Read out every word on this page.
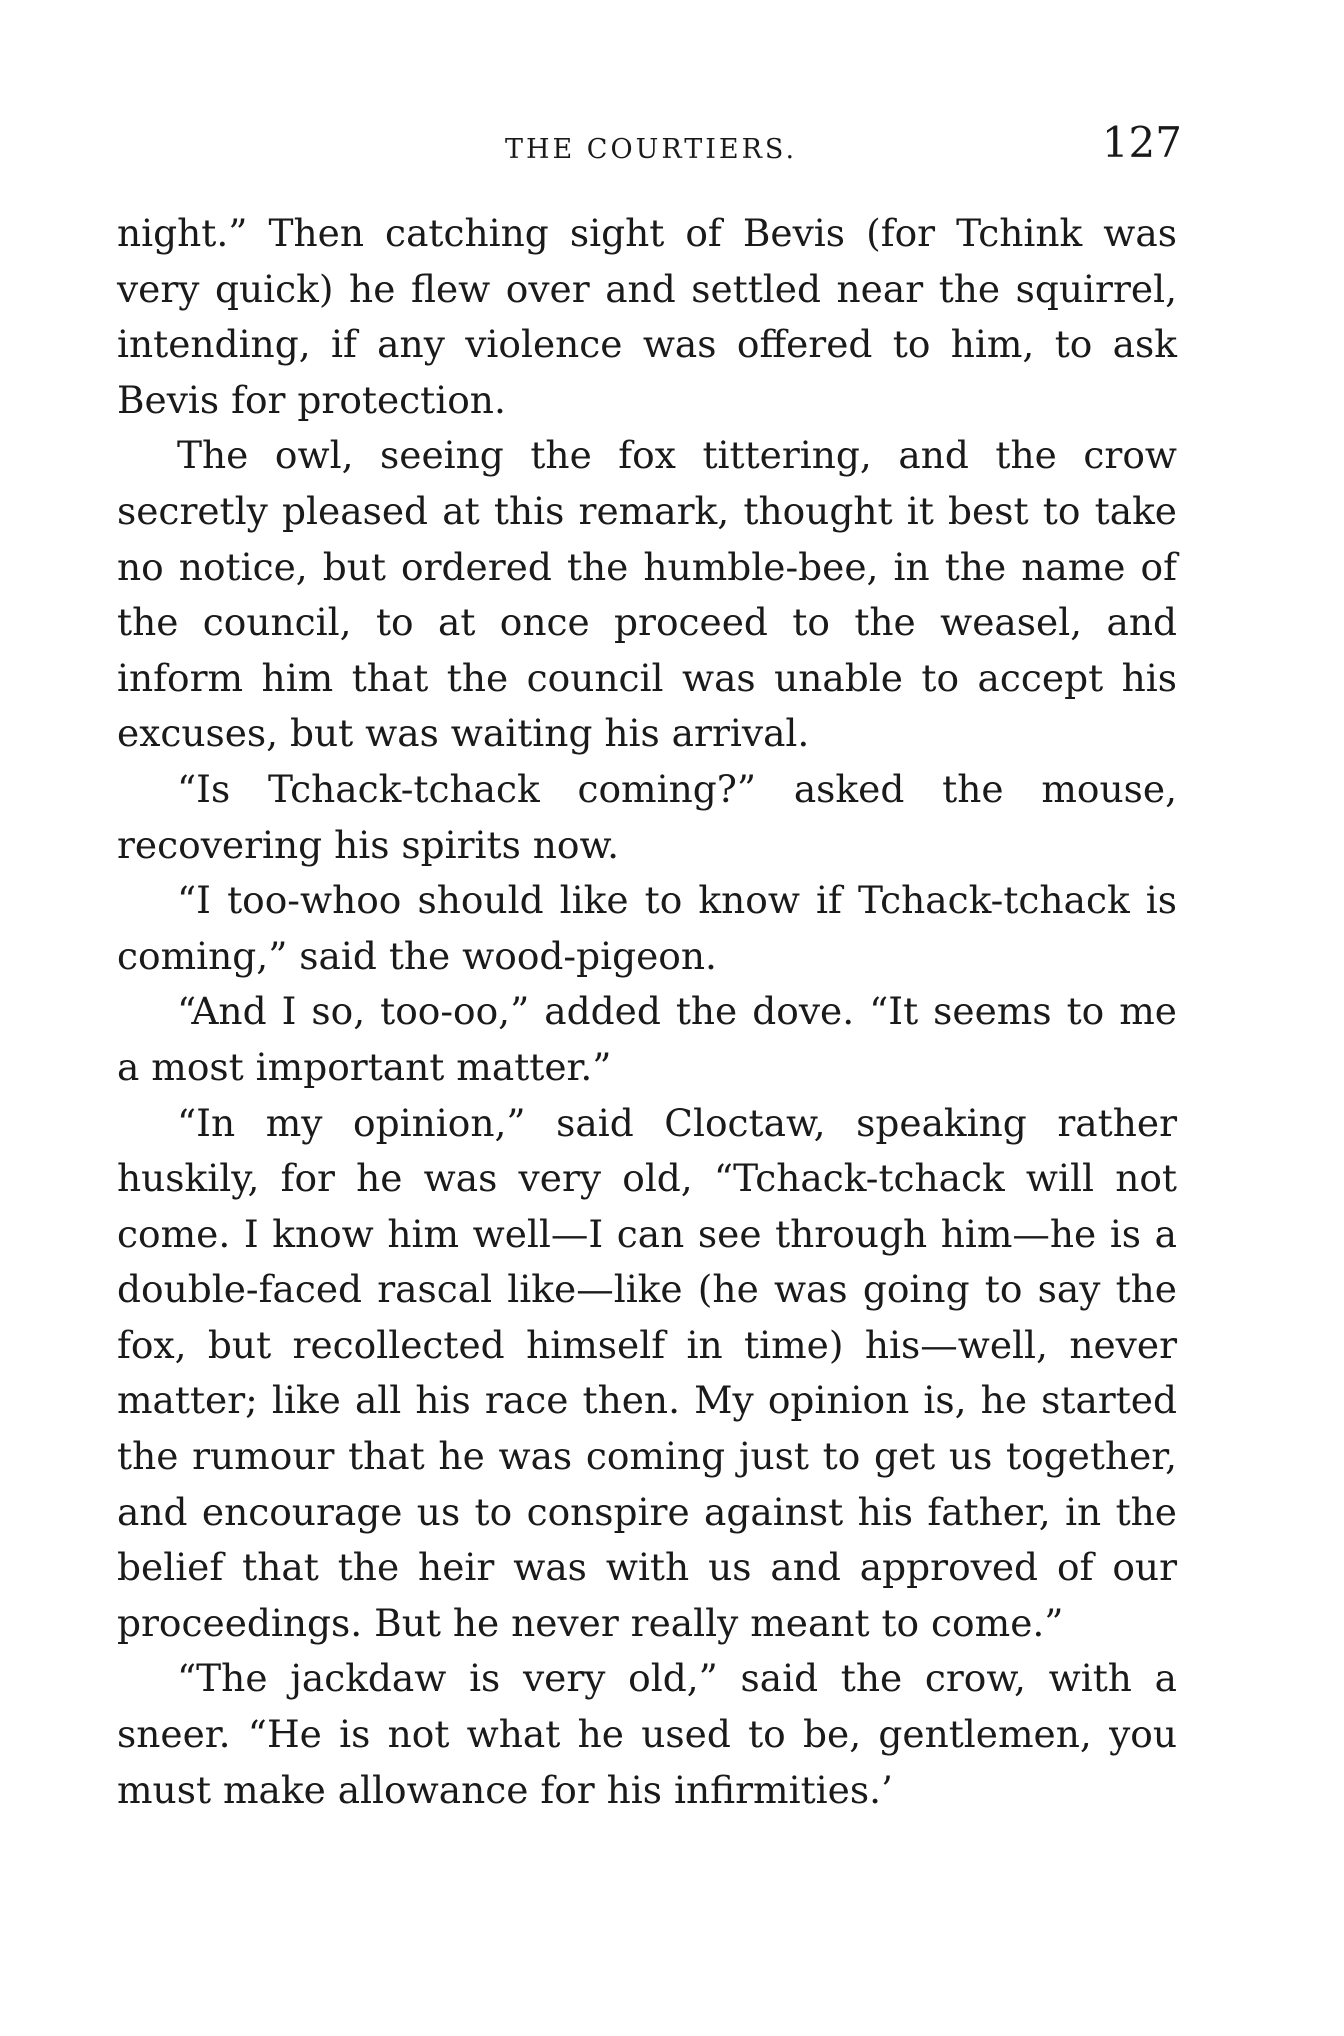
THE COURTIERS.	127

night.” Then catching sight of Bevis (for Tchink was very quick) he flew over and settled near the squirrel, intending, if any violence was offered to him, to ask Bevis for protection.

The owl, seeing the fox tittering, and the crow secretly pleased at this remark, thought it best to take no notice, but ordered the humble-bee, in the name of the council, to at once proceed to the weasel, and inform him that the council was unable to accept his excuses, but was waiting his arrival.

“Is Tchack-tchack coming?” asked the mouse, recovering his spirits now.

“I too-whoo should like to know if Tchack-tchack is coming,” said the wood-pigeon.

“And I so, too-oo,” added the dove. “It seems to me a most important matter.”

“In my opinion,” said Cloctaw, speaking rather huskily, for he was very old, “Tchack-tchack will not come. I know him well—I can see through him—he is a double-faced rascal like—like (he was going to say the fox, but recollected himself in time) his—well, never matter; like all his race then. My opinion is, he started the rumour that he was coming just to get us together, and encourage us to conspire against his father, in the belief that the heir was with us and approved of our proceedings. But he never really meant to come.”

“The jackdaw is very old,” said the crow, with a sneer. “He is not what he used to be, gentlemen, you must make allowance for his infirmities.’
